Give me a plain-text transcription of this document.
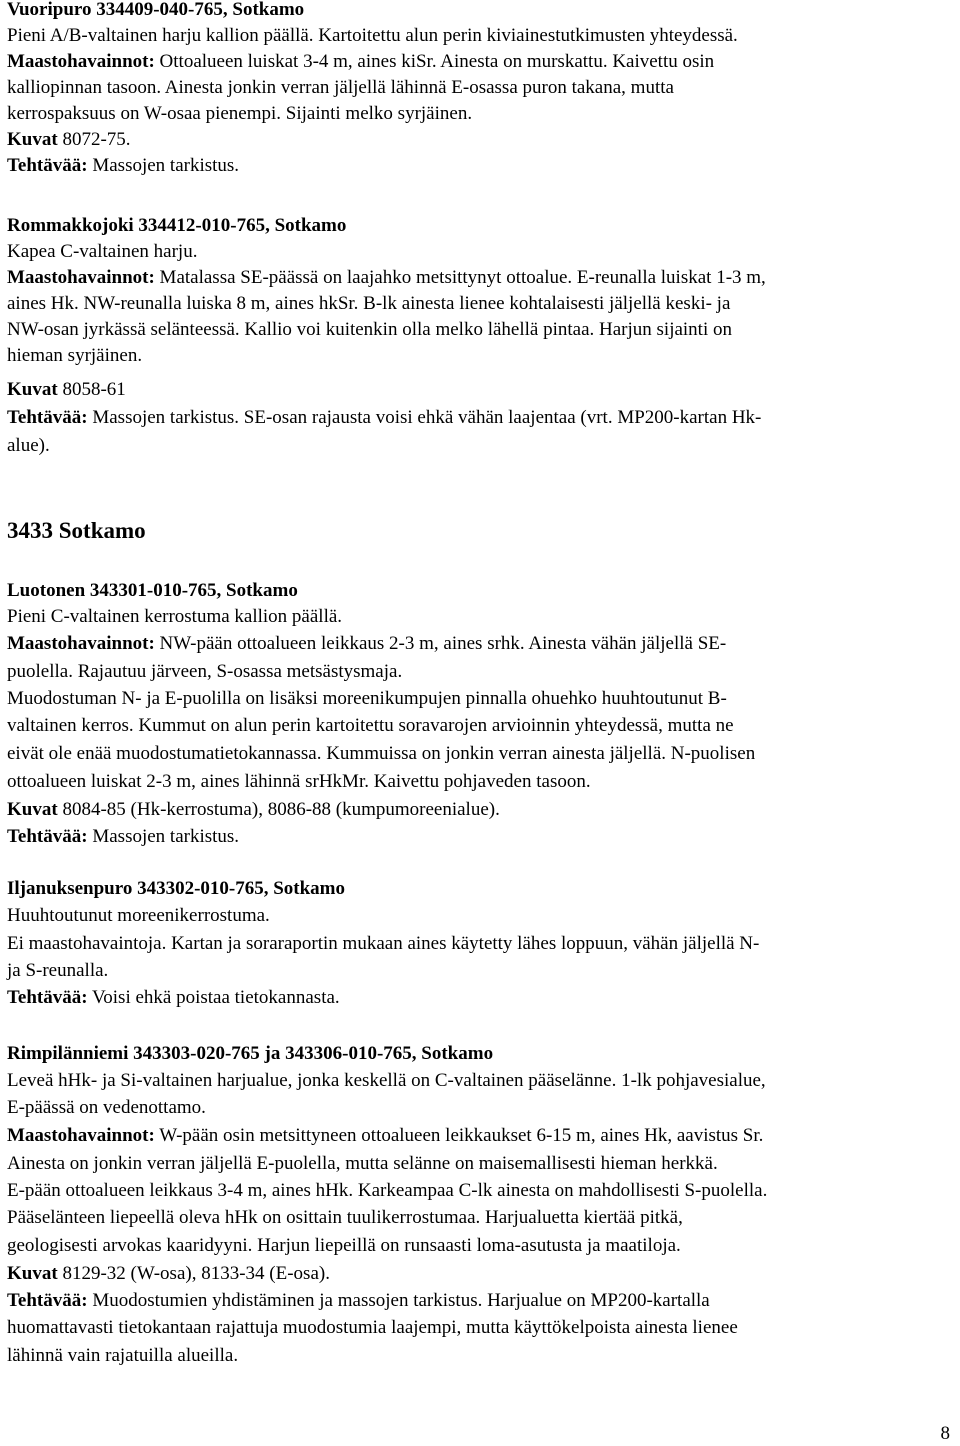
Vuoripuro 334409-040-765, Sotkamo
Pieni A/B-valtainen harju kallion päällä. Kartoitettu alun perin kiviainestutkimusten yhteydessä.
Maastohavainnot: Ottoalueen luiskat 3-4 m, aines kiSr. Ainesta on murskattu. Kaivettu osin
kalliopinnan tasoon. Ainesta jonkin verran jäljellä lähinnä E-osassa puron takana, mutta
kerrospaksuus on W-osaa pienempi. Sijainti melko syrjäinen.
Kuvat 8072-75.
Tehtävää: Massojen tarkistus.
Rommakkojoki 334412-010-765, Sotkamo
Kapea C-valtainen harju.
Maastohavainnot: Matalassa SE-päässä on laajahko metsittynyt ottoalue. E-reunalla luiskat 1-3 m,
aines Hk. NW-reunalla luiska 8 m, aines hkSr. B-lk ainesta lienee kohtalaisesti jäljellä keski- ja
NW-osan jyrkässä selänteessä. Kallio voi kuitenkin olla melko lähellä pintaa. Harjun sijainti on
hieman syrjäinen.
Kuvat 8058-61
Tehtävää: Massojen tarkistus. SE-osan rajausta voisi ehkä vähän laajentaa (vrt. MP200-kartan Hk-
alue).
3433 Sotkamo
Luotonen 343301-010-765, Sotkamo
Pieni C-valtainen kerrostuma kallion päällä.
Maastohavainnot: NW-pään ottoalueen leikkaus 2-3 m, aines srhk. Ainesta vähän jäljellä SE-
puolella. Rajautuu järveen, S-osassa metsästysmaja.
Muodostuman N- ja E-puolilla on lisäksi moreenikumpujen pinnalla ohuehko huuhtoutunut B-
valtainen kerros. Kummut on alun perin kartoitettu soravarojen arvioinnin yhteydessä, mutta ne
eivät ole enää muodostumatietokannassa. Kummuissa on jonkin verran ainesta jäljellä. N-puolisen
ottoalueen luiskat 2-3 m, aines lähinnä srHkMr. Kaivettu pohjaveden tasoon.
Kuvat 8084-85 (Hk-kerrostuma), 8086-88 (kumpumoreenialue).
Tehtävää: Massojen tarkistus.
Iljanuksenpuro 343302-010-765, Sotkamo
Huuhtoutunut moreenikerrostuma.
Ei maastohavaintoja. Kartan ja soraraportin mukaan aines käytetty lähes loppuun, vähän jäljellä N-
ja S-reunalla.
Tehtävää: Voisi ehkä poistaa tietokannasta.
Rimpilänniemi 343303-020-765 ja 343306-010-765, Sotkamo
Leveä hHk- ja Si-valtainen harjualue, jonka keskellä on C-valtainen pääselänne. 1-lk pohjavesialue,
E-päässä on vedenottamo.
Maastohavainnot: W-pään osin metsittyneen ottoalueen leikkaukset 6-15 m, aines Hk, aavistus Sr.
Ainesta on jonkin verran jäljellä E-puolella, mutta selänne on maisemallisesti hieman herkkä.
E-pään ottoalueen leikkaus 3-4 m, aines hHk. Karkeampaa C-lk ainesta on mahdollisesti S-puolella.
Pääselänteen liepeellä oleva hHk on osittain tuulikerrostumaa. Harjualuetta kiertää pitkä,
geologisesti arvokas kaaridyyni. Harjun liepeillä on runsaasti loma-asutusta ja maatiloja.
Kuvat 8129-32 (W-osa), 8133-34 (E-osa).
Tehtävää: Muodostumien yhdistäminen ja massojen tarkistus. Harjualue on MP200-kartalla
huomattavasti tietokantaan rajattuja muodostumia laajempi, mutta käyttökelpoista ainesta lienee
lähinnä vain rajatuilla alueilla.
8
